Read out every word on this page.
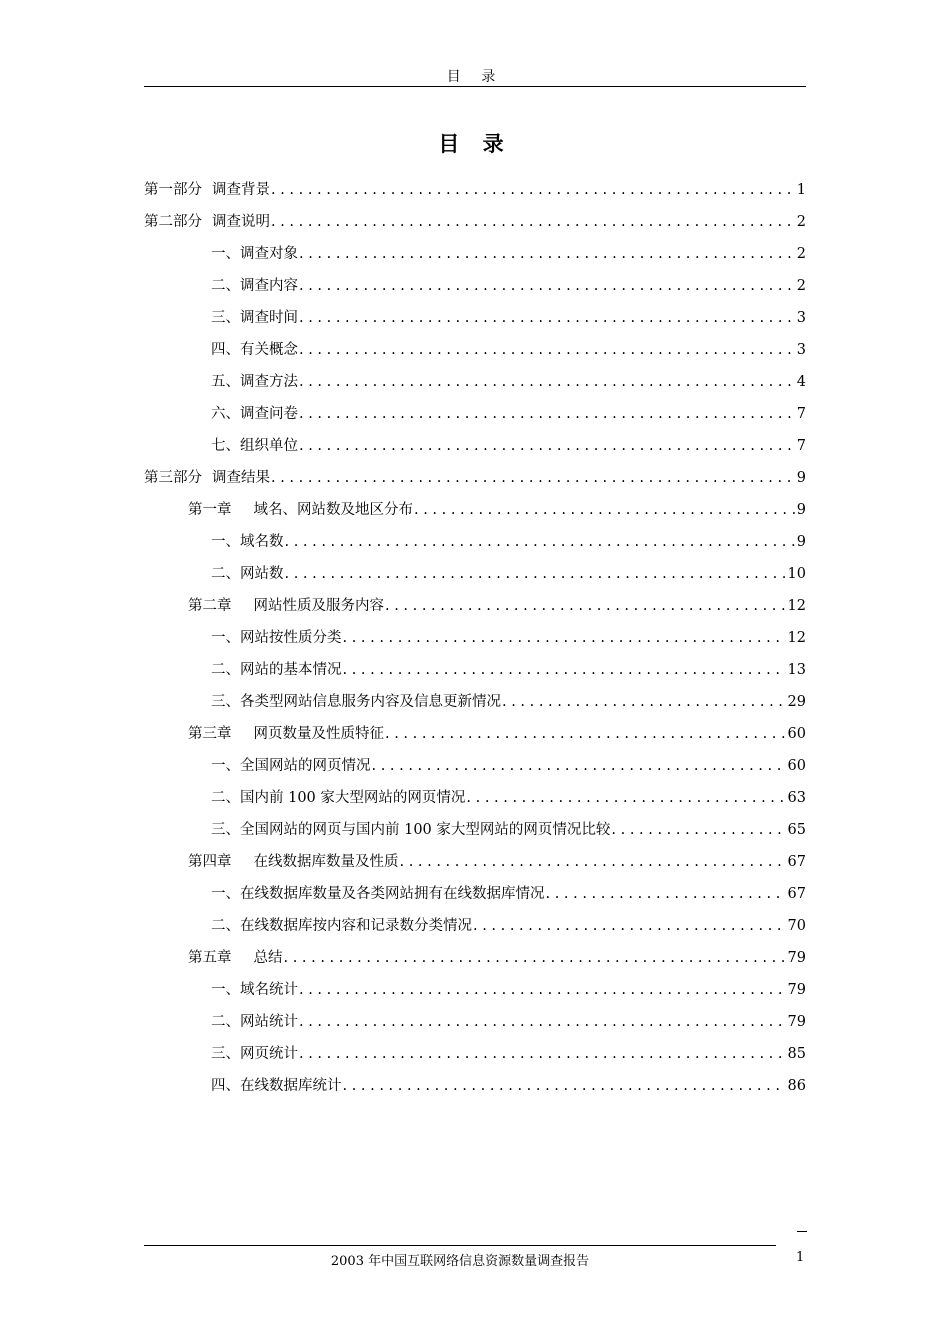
目 录
目 录
第一部分 调查背景 .....	1
第二部分 调查说明 .....	2
一、调查对象 .....	2
二、调查内容 .....	2
三、调查时间 .....	3
四、有关概念 .....	3
五、调查方法 .....	4
六、调查问卷 .....	7
七、组织单位 .....	7
第三部分 调查结果 .....	9
第一章 域名、网站数及地区分布 .....	9
一、域名数 .....	9
二、网站数 .....	10
第二章 网站性质及服务内容 .....	12
一、网站按性质分类 .....	12
二、网站的基本情况 .....	13
三、各类型网站信息服务内容及信息更新情况 .....	29
第三章 网页数量及性质特征 .....	60
一、全国网站的网页情况 .....	60
二、国内前 100 家大型网站的网页情况 .....	63
三、全国网站的网页与国内前 100 家大型网站的网页情况比较 .....	65
第四章 在线数据库数量及性质 .....	67
一、在线数据库数量及各类网站拥有在线数据库情况 .....	67
二、在线数据库按内容和记录数分类情况 .....	70
第五章 总结 .....	79
一、域名统计 .....	79
二、网站统计 .....	79
三、网页统计 .....	85
四、在线数据库统计 .....	86
2003 年中国互联网络信息资源数量调查报告	1
